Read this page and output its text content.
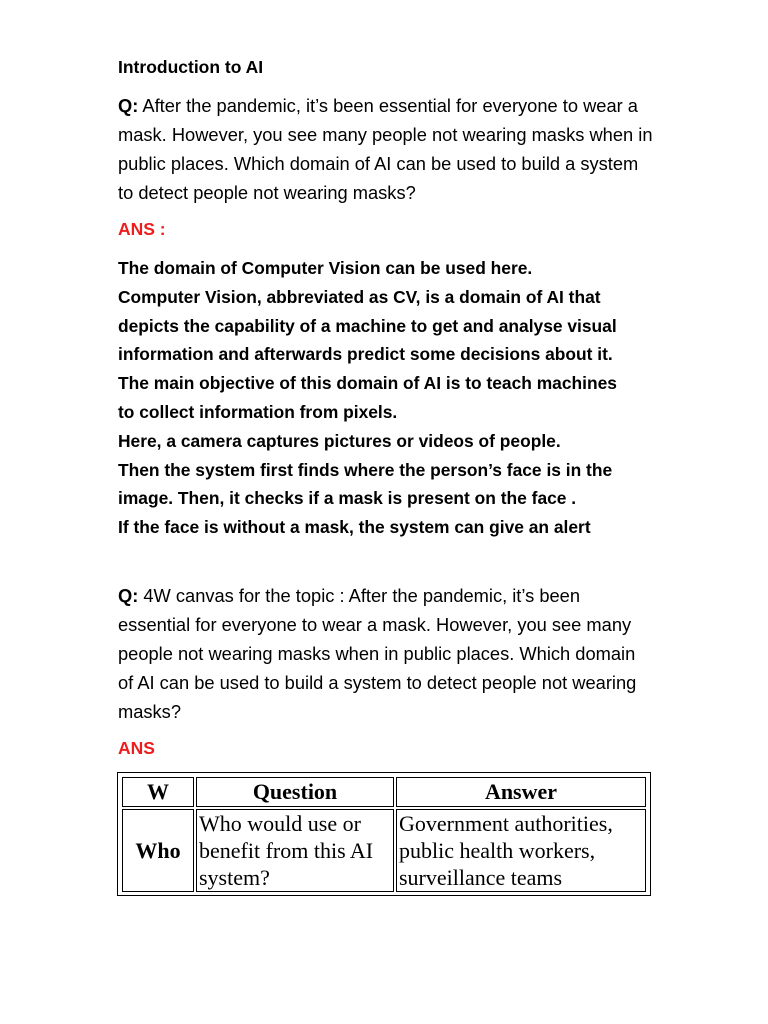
Introduction to AI
Q: After the pandemic, it’s been essential for everyone to wear a mask. However, you see many people not wearing masks when in public places. Which domain of AI can be used to build a system to detect people not wearing masks?
ANS :
The domain of Computer Vision can be used here.
Computer Vision, abbreviated as CV, is a domain of AI that
depicts the capability of a machine to get and analyse visual
information and afterwards predict some decisions about it.
The main objective of this domain of AI is to teach machines
to collect information from pixels.
Here, a camera captures pictures or videos of people.
Then the system first finds where the person’s face is in the
image. Then, it checks if a mask is present on the face .
If the face is without a mask, the system can give an alert
Q: 4W canvas for the topic : After the pandemic, it’s been essential for everyone to wear a mask. However, you see many people not wearing masks when in public places. Which domain of AI can be used to build a system to detect people not wearing masks?
ANS
W	Question	Answer
Who	Who would use or benefit from this AI system?	Government authorities, public health workers, surveillance teams
